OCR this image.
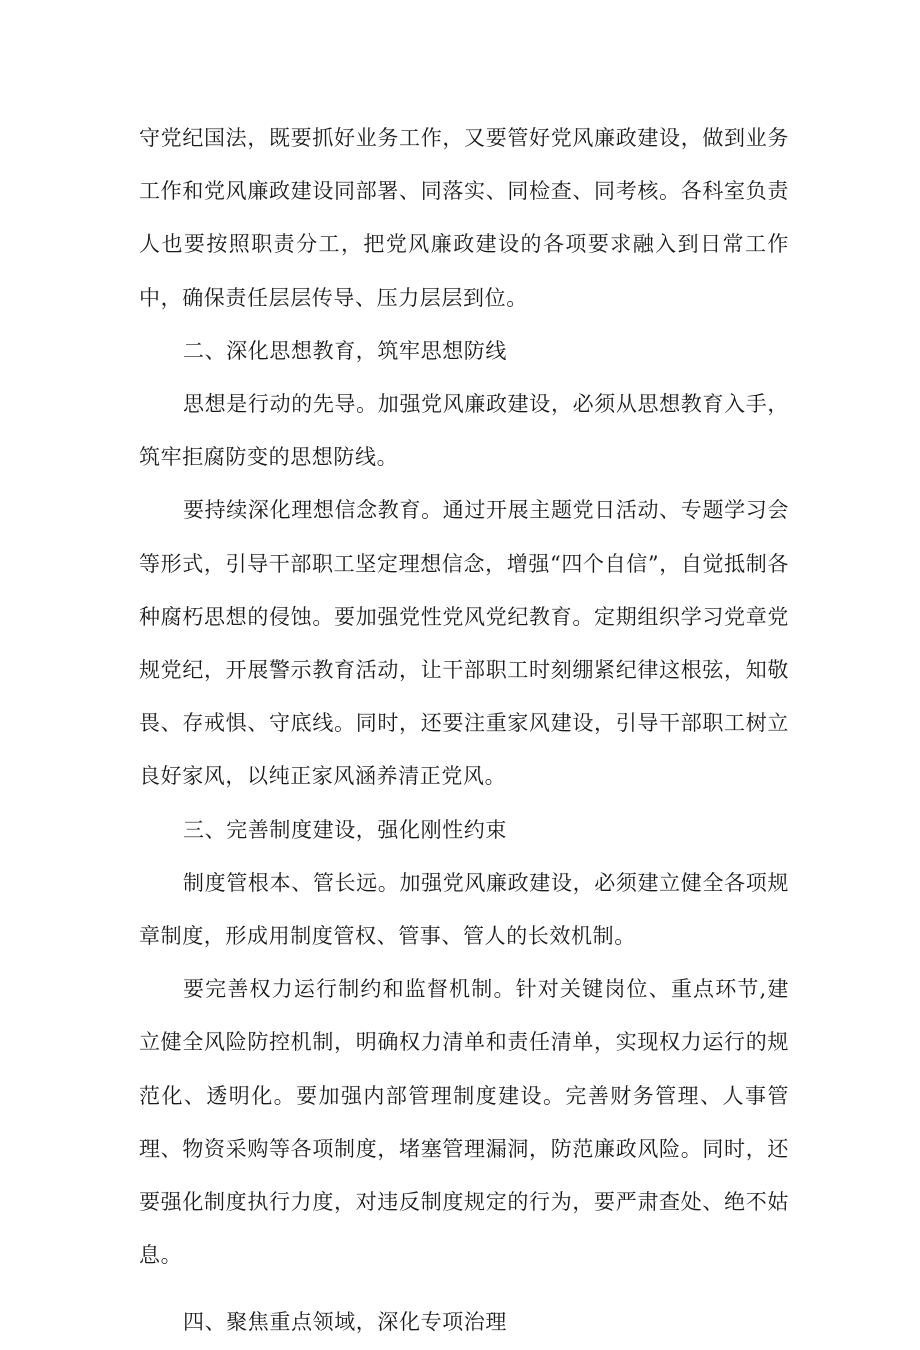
守党纪国法，既要抓好业务工作，又要管好党风廉政建设，做到业务工作和党风廉政建设同部署、同落实、同检查、同考核。各科室负责人也要按照职责分工，把党风廉政建设的各项要求融入到日常工作中，确保责任层层传导、压力层层到位。

二、深化思想教育，筑牢思想防线

思想是行动的先导。加强党风廉政建设，必须从思想教育入手，筑牢拒腐防变的思想防线。

要持续深化理想信念教育。通过开展主题党日活动、专题学习会等形式，引导干部职工坚定理想信念，增强“四个自信”，自觉抵制各种腐朽思想的侵蚀。要加强党性党风党纪教育。定期组织学习党章党规党纪，开展警示教育活动，让干部职工时刻绷紧纪律这根弦，知敬畏、存戒惧、守底线。同时，还要注重家风建设，引导干部职工树立良好家风，以纯正家风涵养清正党风。

三、完善制度建设，强化刚性约束

制度管根本、管长远。加强党风廉政建设，必须建立健全各项规章制度，形成用制度管权、管事、管人的长效机制。

要完善权力运行制约和监督机制。针对关键岗位、重点环节,建立健全风险防控机制，明确权力清单和责任清单，实现权力运行的规范化、透明化。要加强内部管理制度建设。完善财务管理、人事管理、物资采购等各项制度，堵塞管理漏洞，防范廉政风险。同时，还要强化制度执行力度，对违反制度规定的行为，要严肃查处、绝不姑息。

四、聚焦重点领域，深化专项治理
